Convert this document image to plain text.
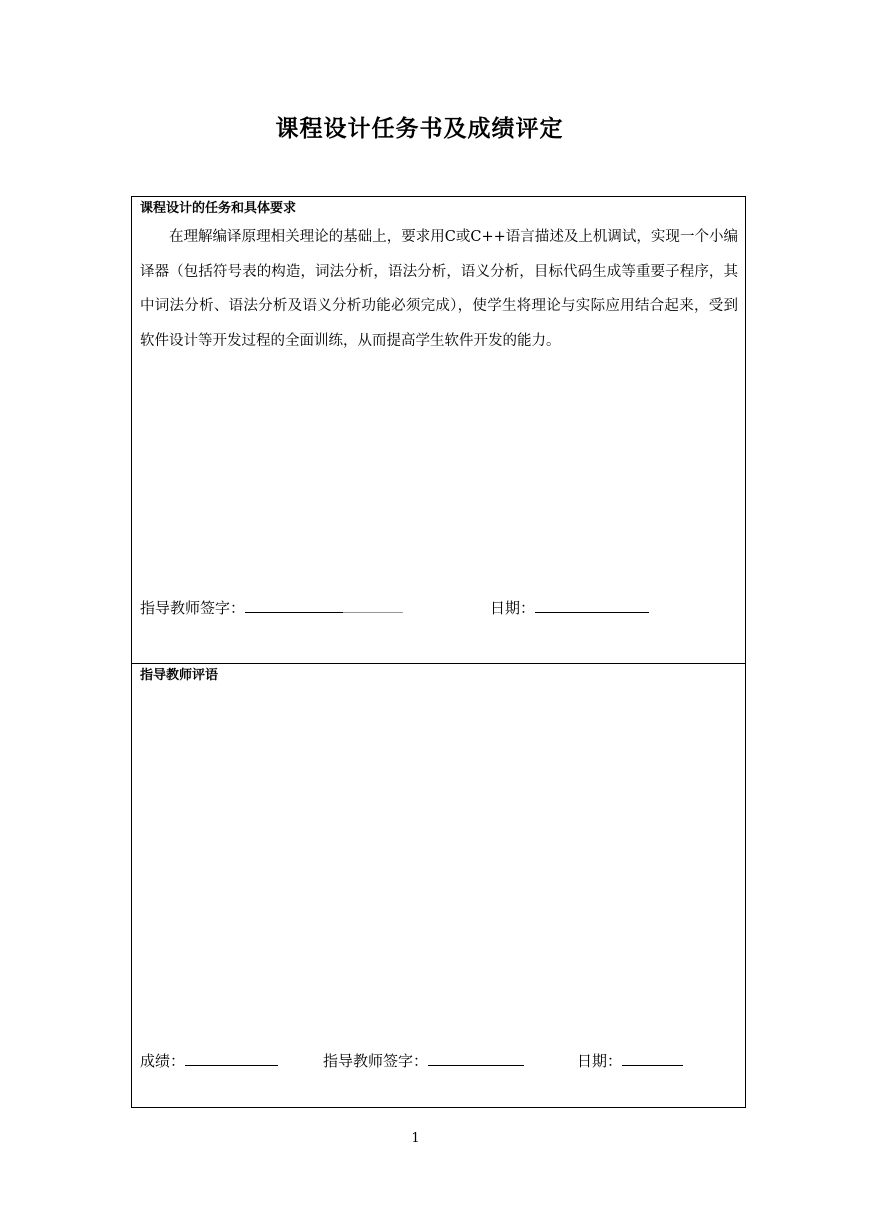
课程设计任务书及成绩评定
课程设计的任务和具体要求

在理解编译原理相关理论的基础上，要求用C或C++语言描述及上机调试，实现一个小编译器（包括符号表的构造，词法分析，语法分析，语义分析，目标代码生成等重要子程序，其中词法分析、语法分析及语义分析功能必须完成），使学生将理论与实际应用结合起来，受到软件设计等开发过程的全面训练，从而提高学生软件开发的能力。

指导教师签字：	日期：
指导教师评语
成绩：	指导教师签字：	日期：
1
